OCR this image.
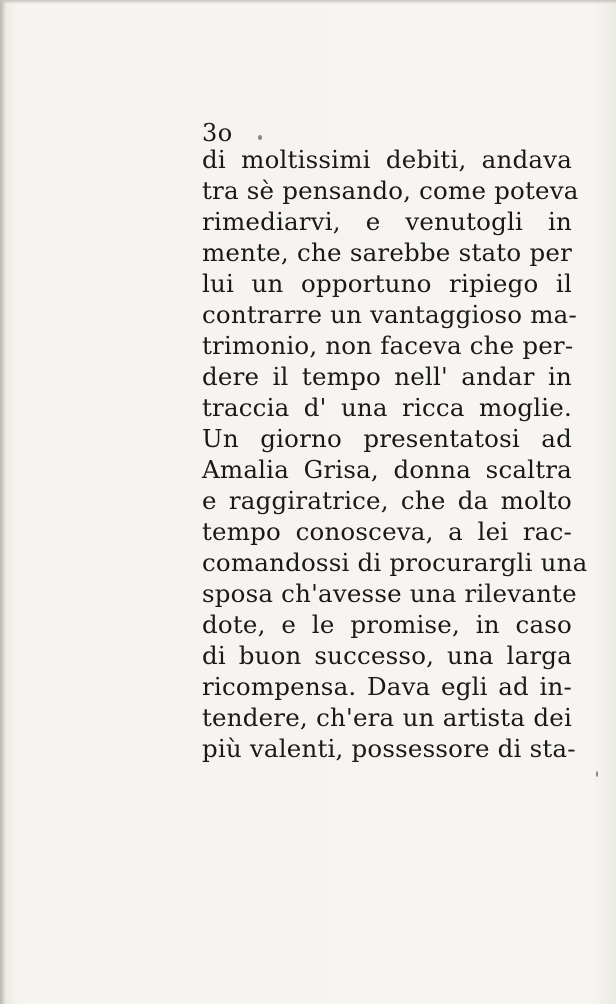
3o
di moltissimi debiti, andava
tra sè pensando, come poteva
rimediarvi, e venutogli in
mente, che sarebbe stato per
lui un opportuno ripiego il
contrarre un vantaggioso ma-
trimonio, non faceva che per-
dere il tempo nell' andar in
traccia d' una ricca moglie.
Un giorno presentatosi ad
Amalia Grisa, donna scaltra
e raggiratrice, che da molto
tempo conosceva, a lei rac-
comandossi di procurargli una
sposa ch'avesse una rilevante
dote, e le promise, in caso
di buon successo, una larga
ricompensa. Dava egli ad in-
tendere, ch'era un artista dei
più valenti, possessore di sta-
